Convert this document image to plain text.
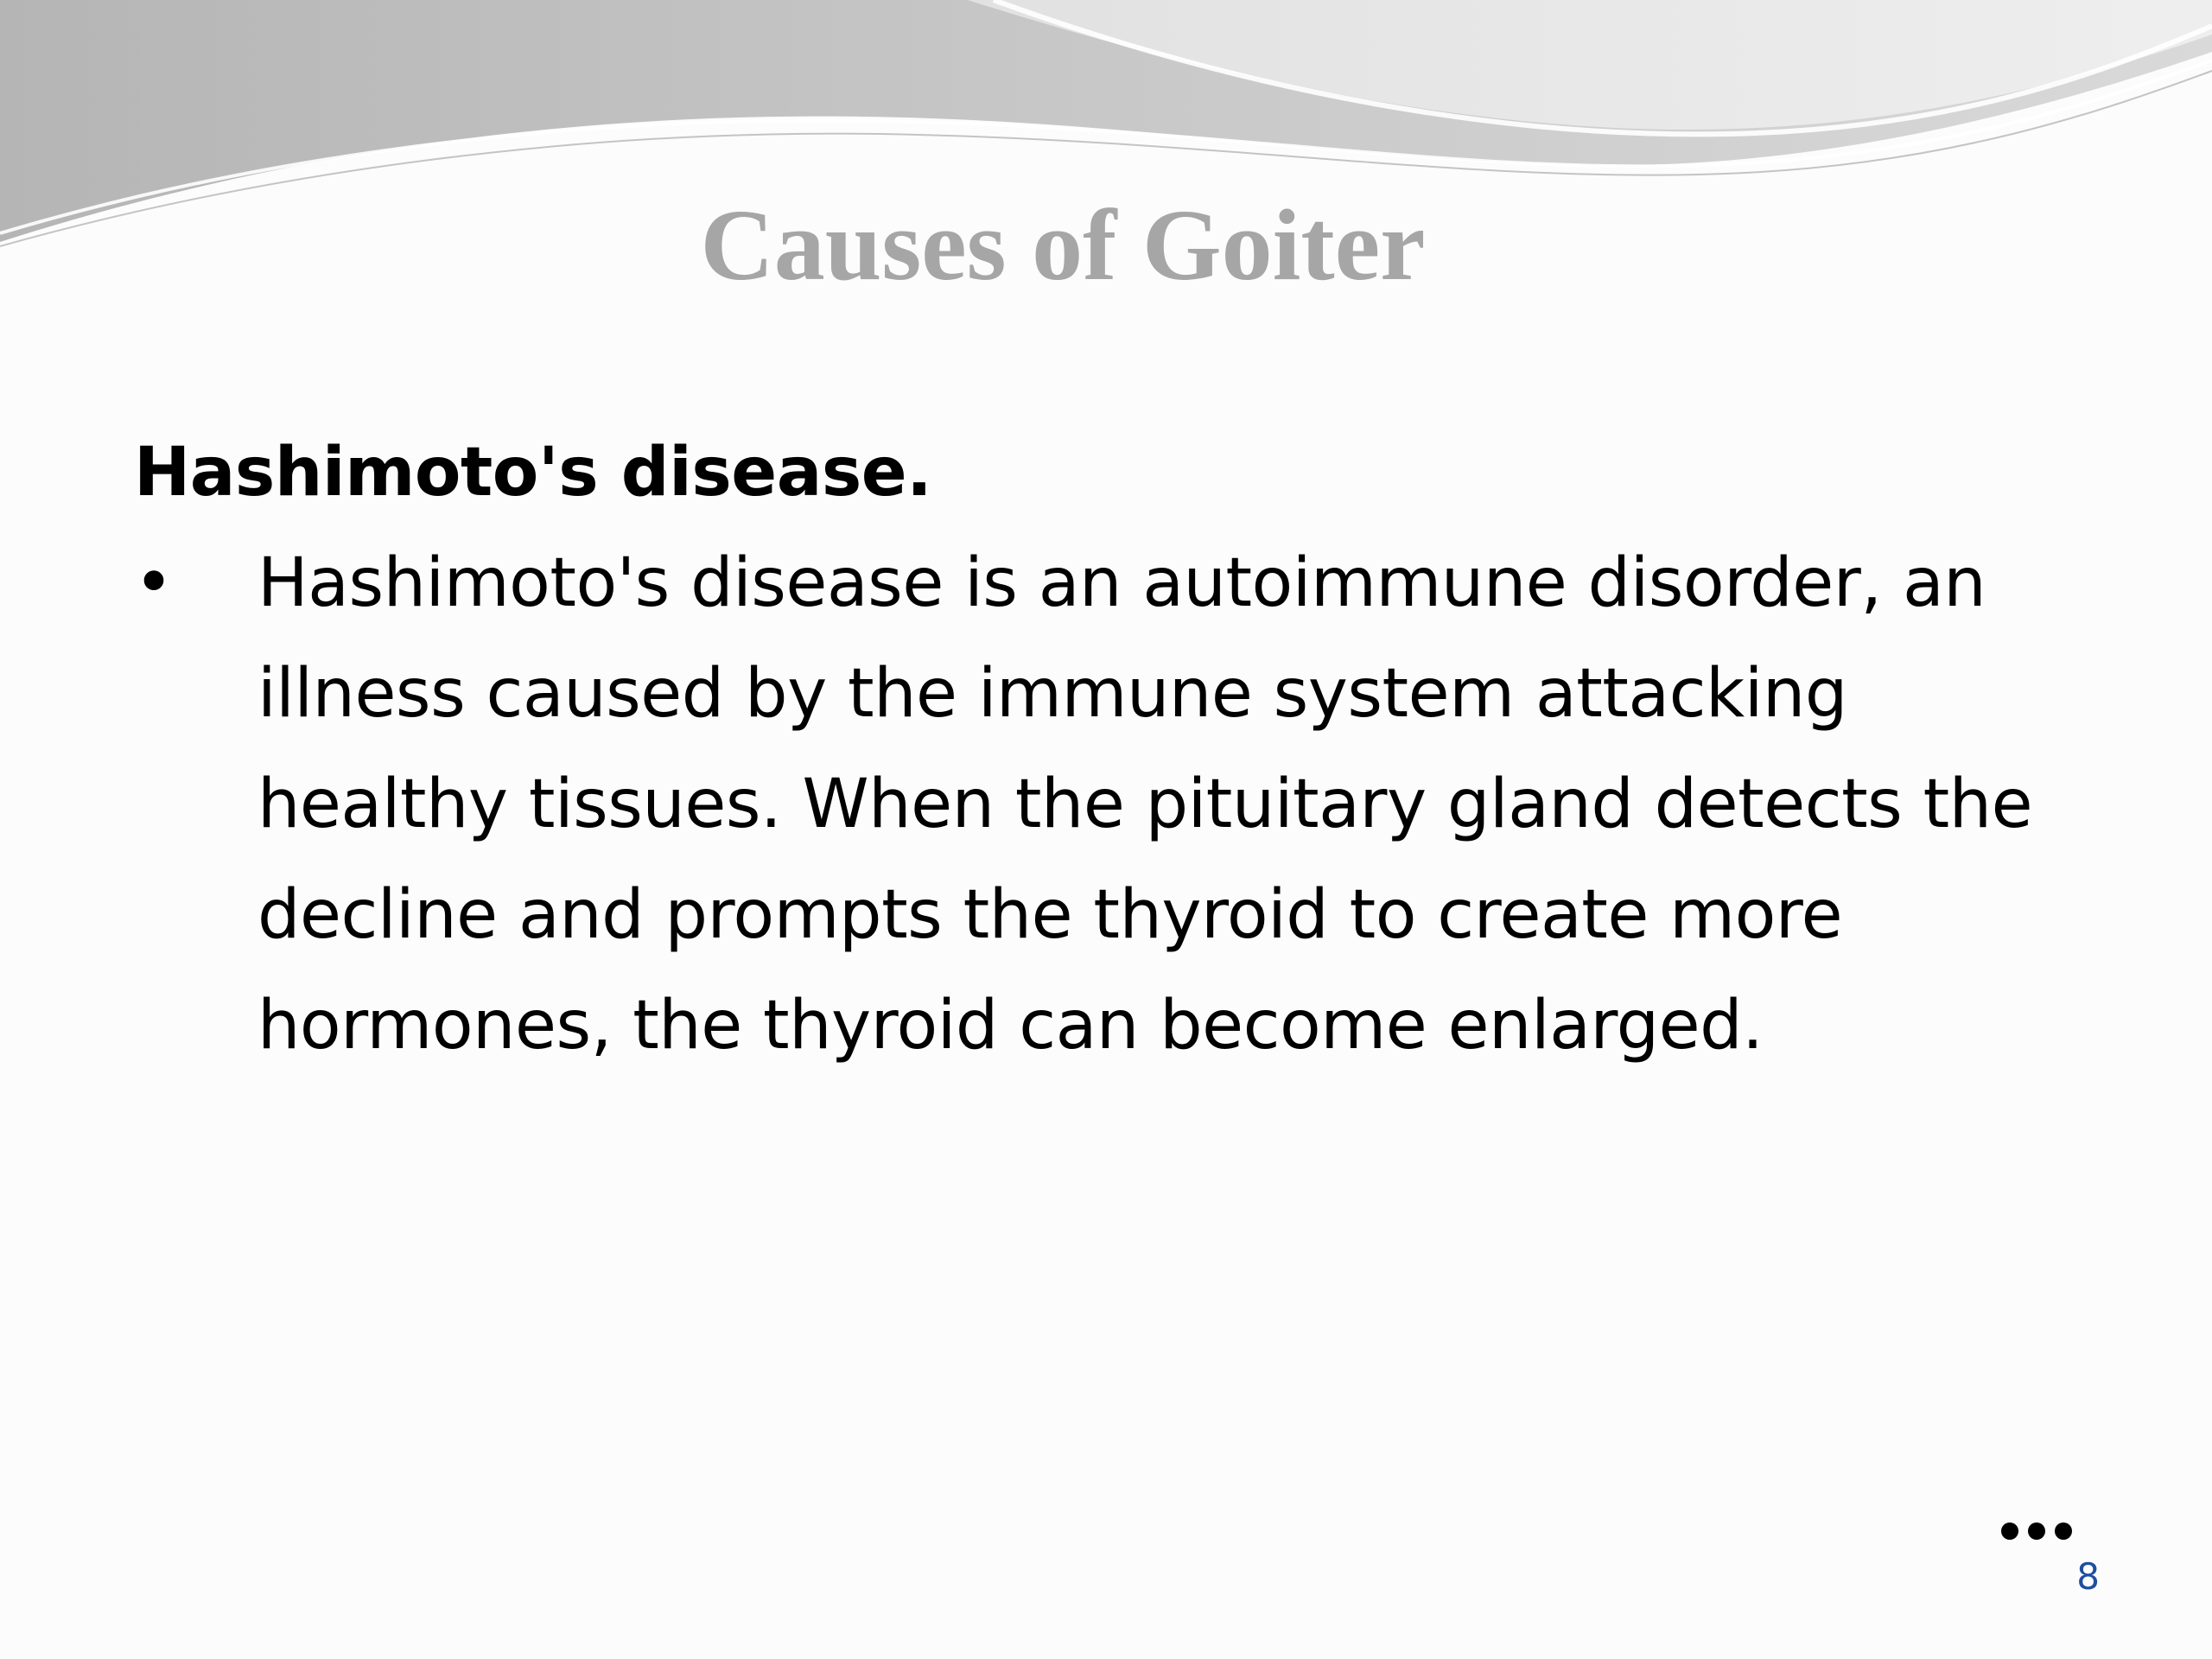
Causes of Goiter

Hashimoto's disease.

• Hashimoto's disease is an autoimmune disorder, an illness caused by the immune system attacking healthy tissues. When the pituitary gland detects the decline and prompts the thyroid to create more hormones, the thyroid can become enlarged.
8
